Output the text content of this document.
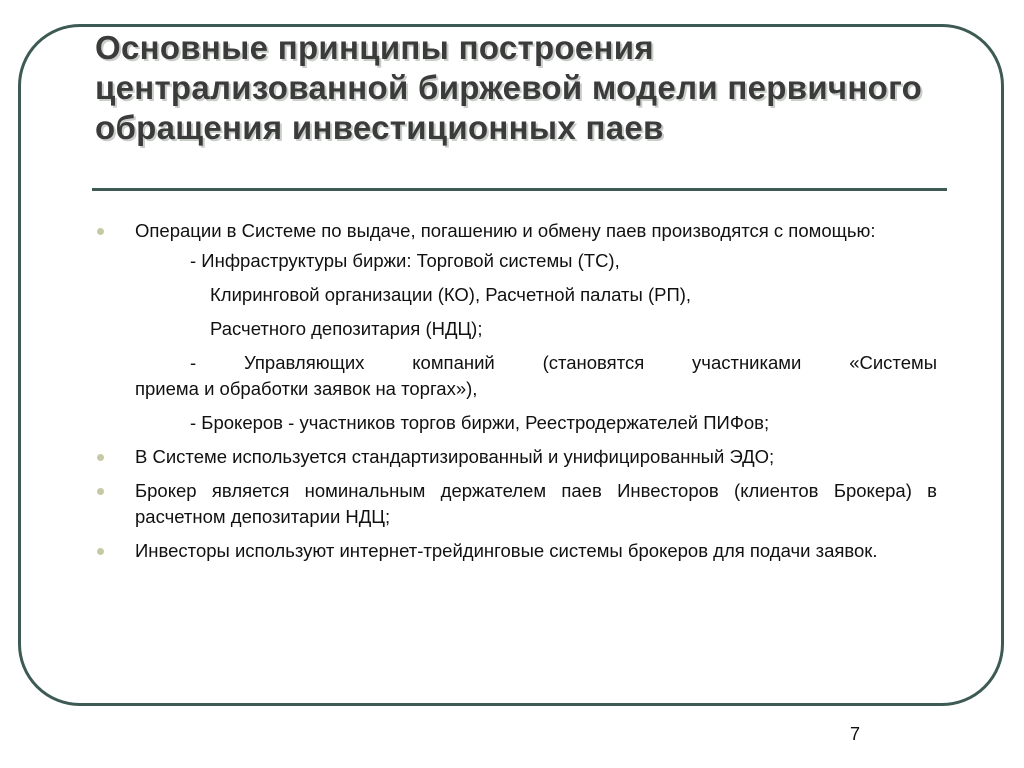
Основные принципы построения централизованной биржевой модели первичного обращения инвестиционных паев
Операции в Системе по выдаче, погашению и обмену паев производятся с помощью:
- Инфраструктуры биржи: Торговой системы (ТС),
Клиринговой организации (КО), Расчетной палаты (РП),
Расчетного депозитария (НДЦ);
- Управляющих компаний (становятся участниками «Системы
приема и обработки заявок на торгах»),
- Брокеров - участников торгов биржи, Реестродержателей ПИФов;
В Системе используется стандартизированный и унифицированный ЭДО;
Брокер является номинальным держателем паев Инвесторов (клиентов Брокера) в расчетном депозитарии НДЦ;
Инвесторы используют интернет-трейдинговые системы брокеров для подачи заявок.
7
